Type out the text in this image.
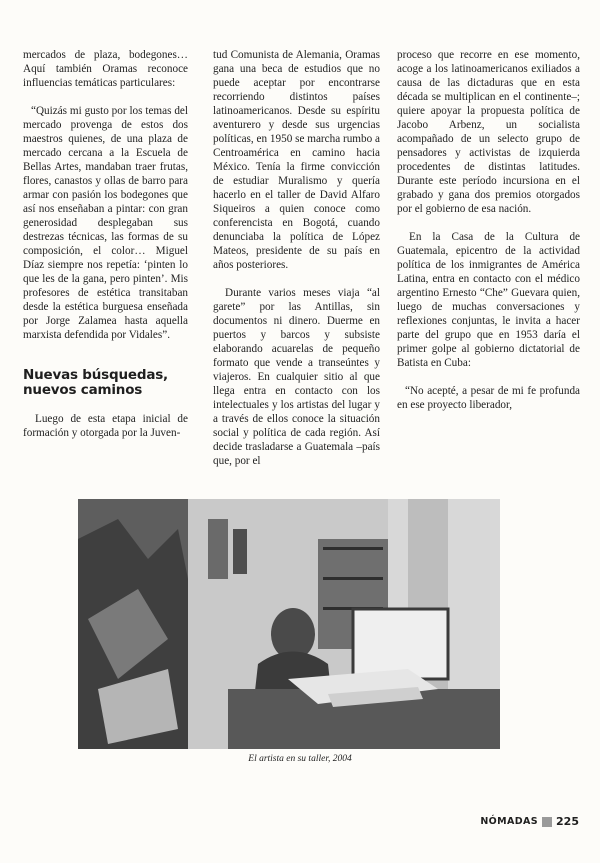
mercados de plaza, bodegones… Aquí también Oramas reconoce influencias temáticas particulares:

“Quizás mi gusto por los temas del mercado provenga de estos dos maestros quienes, de una plaza de mercado cercana a la Escuela de Bellas Artes, mandaban traer frutas, flores, canastos y ollas de barro para armar con pasión los bodegones que así nos enseñaban a pintar: con gran generosidad desplegaban sus destrezas técnicas, las formas de su composición, el color… Miguel Díaz siempre nos repetía: ‘pinten lo que les de la gana, pero pinten’. Mis profesores de estética transitaban desde la estética burguesa enseñada por Jorge Zalamea hasta aquella marxista defendida por Vidales”.

Nuevas búsquedas, nuevos caminos

Luego de esta etapa inicial de formación y otorgada por la Juven-

tud Comunista de Alemania, Oramas gana una beca de estudios que no puede aceptar por encontrarse recorriendo distintos países latinoamericanos. Desde su espíritu aventurero y desde sus urgencias políticas, en 1950 se marcha rumbo a Centroamérica en camino hacia México. Tenía la firme convicción de estudiar Muralismo y quería hacerlo en el taller de David Alfaro Siqueiros a quien conoce como conferencista en Bogotá, cuando denunciaba la política de López Mateos, presidente de su país en años posteriores.

Durante varios meses viaja “al garete” por las Antillas, sin documentos ni dinero. Duerme en puertos y barcos y subsiste elaborando acuarelas de pequeño formato que vende a transeúntes y viajeros. En cualquier sitio al que llega entra en contacto con los intelectuales y los artistas del lugar y a través de ellos conoce la situación social y política de cada región. Así decide trasladarse a Guatemala –país que, por el

proceso que recorre en ese momento, acoge a los latinoamericanos exiliados a causa de las dictaduras que en esta década se multiplican en el continente–; quiere apoyar la propuesta política de Jacobo Arbenz, un socialista acompañado de un selecto grupo de pensadores y activistas de izquierda procedentes de distintas latitudes. Durante este período incursiona en el grabado y gana dos premios otorgados por el gobierno de esa nación.

En la Casa de la Cultura de Guatemala, epicentro de la actividad política de los inmigrantes de América Latina, entra en contacto con el médico argentino Ernesto “Che” Guevara quien, luego de muchas conversaciones y reflexiones conjuntas, le invita a hacer parte del grupo que en 1953 daría el primer golpe al gobierno dictatorial de Batista en Cuba:

“No acepté, a pesar de mi fe profunda en ese proyecto liberador,

El artista en su taller, 2004
NÓMADAS 225
